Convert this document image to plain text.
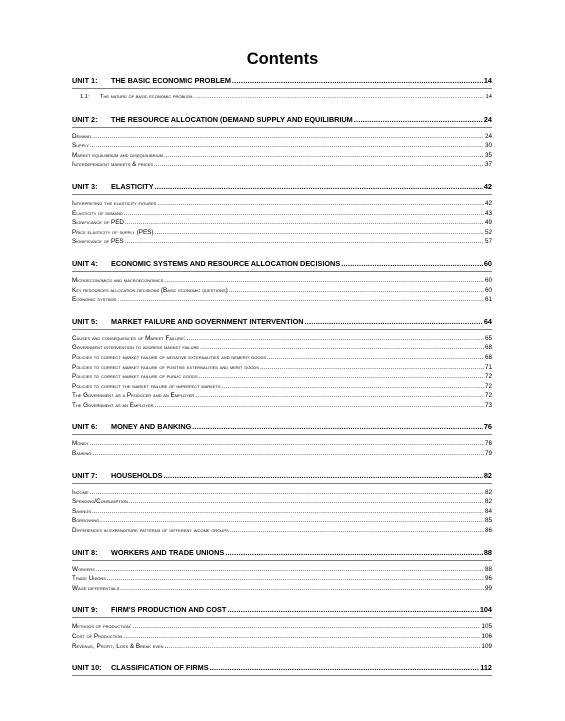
Contents
UNIT 1:	THE BASIC ECONOMIC PROBLEM .....	14
1.1:	The nature of basic economic problem .....	14
UNIT 2:	THE RESOURCE ALLOCATION (DEMAND SUPPLY AND EQUILIBRIUM .....	24
Demand .....	24
Supply .....	30
Market equilibrium and disequilibrium .....	35
Interdependent markets & prices .....	37
UNIT 3:	ELASTICITY .....	42
Interpreting the elasticity figures .....	42
Elasticity of demand .....	43
Significance of PED .....	49
Price elasticity of supply (PES) .....	52
Significance of PES .....	57
UNIT 4:	ECONOMIC SYSTEMS AND RESOURCE ALLOCATION DECISIONS .....	60
Microeconomics and macroeconomics .....	60
Key resources allocation decisions (Basic economic questions) .....	60
Economic systems .....	61
UNIT 5:	MARKET FAILURE AND GOVERNMENT INTERVENTION .....	64
Causes and consequences of Market Failure: .....	65
Government intervention to address market failure .....	68
Policies to correct market failure of negative externalities and demerit goods .....	68
Policies to correct market failure of positive externalities and merit goods .....	71
Policies to correct market failure of public goods .....	72
Policies to correct the market failure of imperfect markets .....	72
The Government as a Producer and an Employer .....	72
The Government as an Employer .....	73
UNIT 6:	MONEY AND BANKING .....	76
Money .....	76
Banking .....	79
UNIT 7:	HOUSEHOLDS .....	82
Income .....	82
Spending/Consumption .....	82
Savings .....	84
Borrowing .....	85
Differences in expenditure patterns of different income groups .....	86
UNIT 8:	WORKERS AND TRADE UNIONS .....	88
Workers .....	88
Trade Unions .....	96
Wage differentials .....	99
UNIT 9:	FIRM'S PRODUCTION AND COST .....	104
Methods of production: .....	105
Cost of Production .....	106
Revenue, Profit, Loss & Break even .....	109
UNIT 10:	CLASSIFICATION OF FIRMS .....	112
